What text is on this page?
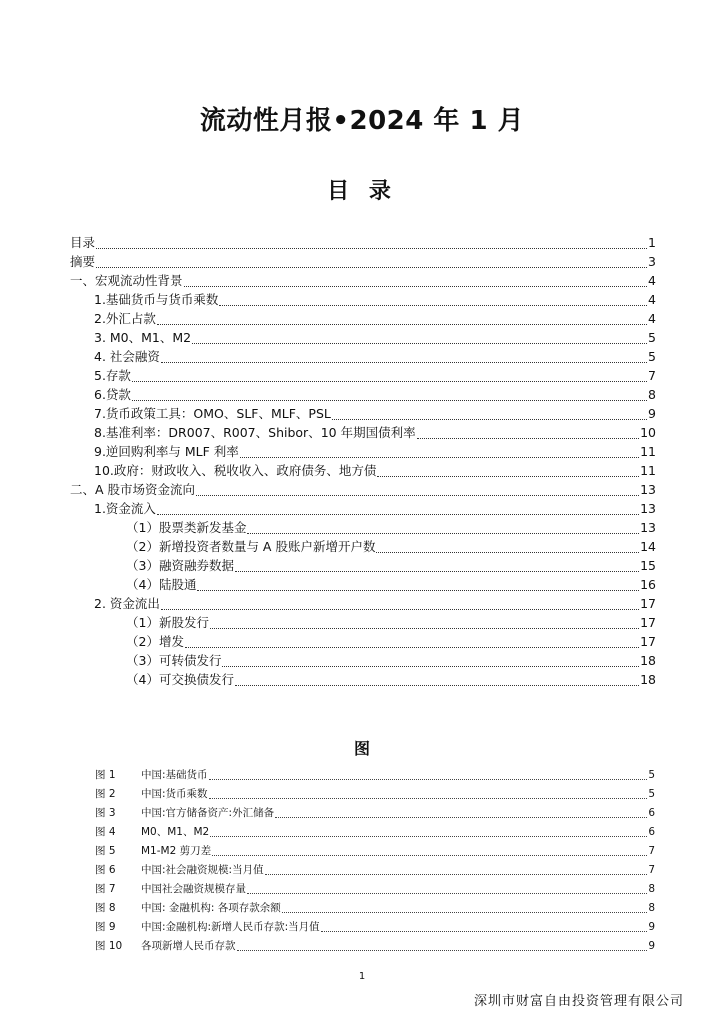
流动性月报•2024 年 1 月
目 录
目录	1
摘要	3
一、宏观流动性背景	4
1.基础货币与货币乘数	4
2.外汇占款	4
3. M0、M1、M2	5
4. 社会融资	5
5.存款	7
6.贷款	8
7.货币政策工具：OMO、SLF、MLF、PSL	9
8.基准利率：DR007、R007、Shibor、10 年期国债利率	10
9.逆回购利率与 MLF 利率	11
10.政府：财政收入、税收收入、政府债务、地方债	11
二、A 股市场资金流向	13
1.资金流入	13
（1）股票类新发基金	13
（2）新增投资者数量与 A 股账户新增开户数	14
（3）融资融券数据	15
（4）陆股通	16
2. 资金流出	17
（1）新股发行	17
（2）增发	17
（3）可转债发行	18
（4）可交换债发行	18
图
图 1	中国:基础货币	5
图 2	中国:货币乘数	5
图 3	中国:官方储备资产:外汇储备	6
图 4	M0、M1、M2	6
图 5	M1-M2 剪刀差	7
图 6	中国:社会融资规模:当月值	7
图 7	中国社会融资规模存量	8
图 8	中国: 金融机构: 各项存款余额	8
图 9	中国:金融机构:新增人民币存款:当月值	9
图 10	各项新增人民币存款	9
1
深圳市财富自由投资管理有限公司
